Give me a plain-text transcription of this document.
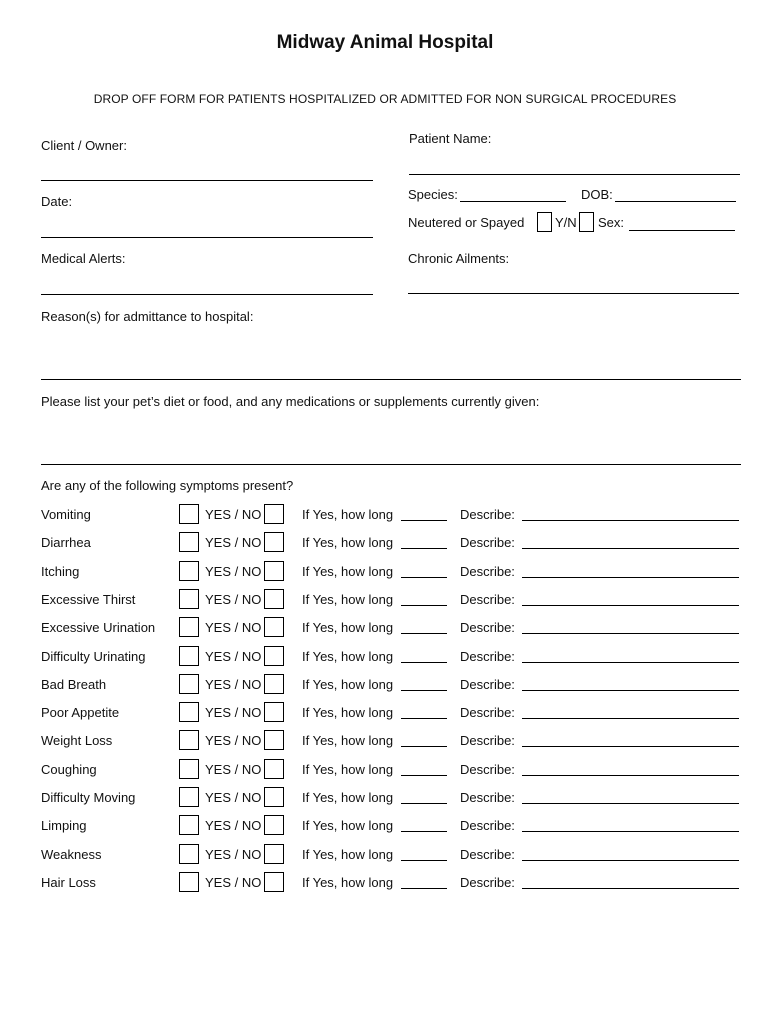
Midway Animal Hospital
DROP OFF FORM FOR PATIENTS HOSPITALIZED OR ADMITTED FOR NON SURGICAL PROCEDURES
Client / Owner:	Patient Name:
Date:	Species:	DOB:
Neutered or Spayed Y/N Sex:
Medical Alerts:	Chronic Ailments:
Reason(s) for admittance to hospital:
Please list your pet’s diet or food, and any medications or supplements currently given:
Are any of the following symptoms present?
Vomiting	YES / NO	If Yes, how long	Describe:
Diarrhea	YES / NO	If Yes, how long	Describe:
Itching	YES / NO	If Yes, how long	Describe:
Excessive Thirst	YES / NO	If Yes, how long	Describe:
Excessive Urination	YES / NO	If Yes, how long	Describe:
Difficulty Urinating	YES / NO	If Yes, how long	Describe:
Bad Breath	YES / NO	If Yes, how long	Describe:
Poor Appetite	YES / NO	If Yes, how long	Describe:
Weight Loss	YES / NO	If Yes, how long	Describe:
Coughing	YES / NO	If Yes, how long	Describe:
Difficulty Moving	YES / NO	If Yes, how long	Describe:
Limping	YES / NO	If Yes, how long	Describe:
Weakness	YES / NO	If Yes, how long	Describe:
Hair Loss	YES / NO	If Yes, how long	Describe:
